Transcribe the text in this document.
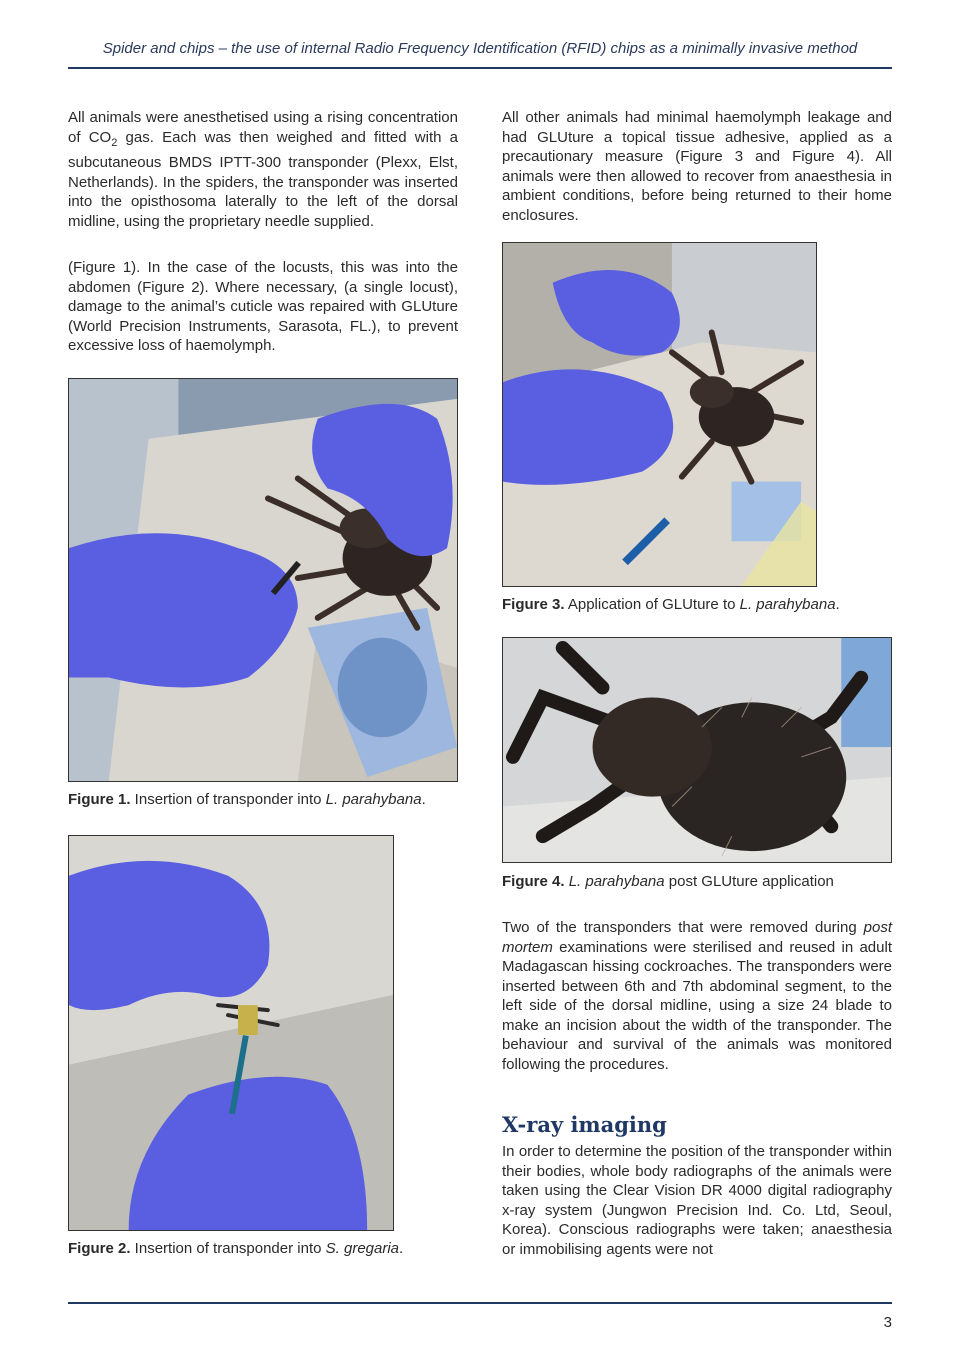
Spider and chips – the use of internal Radio Frequency Identification (RFID) chips as a minimally invasive method

All animals were anesthetised using a rising concentration of $CO_2$ gas. Each was then weighed and fitted with a subcutaneous BMDS IPTT-300 transponder (Plexx, Elst, Netherlands). In the spiders, the transponder was inserted into the opisthosoma laterally to the left of the dorsal midline, using the proprietary needle supplied.

(Figure 1). In the case of the locusts, this was into the abdomen (Figure 2). Where necessary, (a single locust), damage to the animal’s cuticle was repaired with GLUture (World Precision Instruments, Sarasota, FL.), to prevent excessive loss of haemolymph.

Figure 1. Insertion of transponder into L. parahybana.
Figure 2. Insertion of transponder into S. gregaria.

All other animals had minimal haemolymph leakage and had GLUture a topical tissue adhesive, applied as a precautionary measure (Figure 3 and Figure 4). All animals were then allowed to recover from anaesthesia in ambient conditions, before being returned to their home enclosures.

Figure 3. Application of GLUture to L. parahybana.
Figure 4. L. parahybana post GLUture application

Two of the transponders that were removed during post mortem examinations were sterilised and reused in adult Madagascan hissing cockroaches. The transponders were inserted between 6th and 7th abdominal segment, to the left side of the dorsal midline, using a size 24 blade to make an incision about the width of the transponder. The behaviour and survival of the animals was monitored following the procedures.

X-ray imaging

In order to determine the position of the transponder within their bodies, whole body radiographs of the animals were taken using the Clear Vision DR 4000 digital radiography x-ray system (Jungwon Precision Ind. Co. Ltd, Seoul, Korea). Conscious radiographs were taken; anaesthesia or immobilising agents were not

3
